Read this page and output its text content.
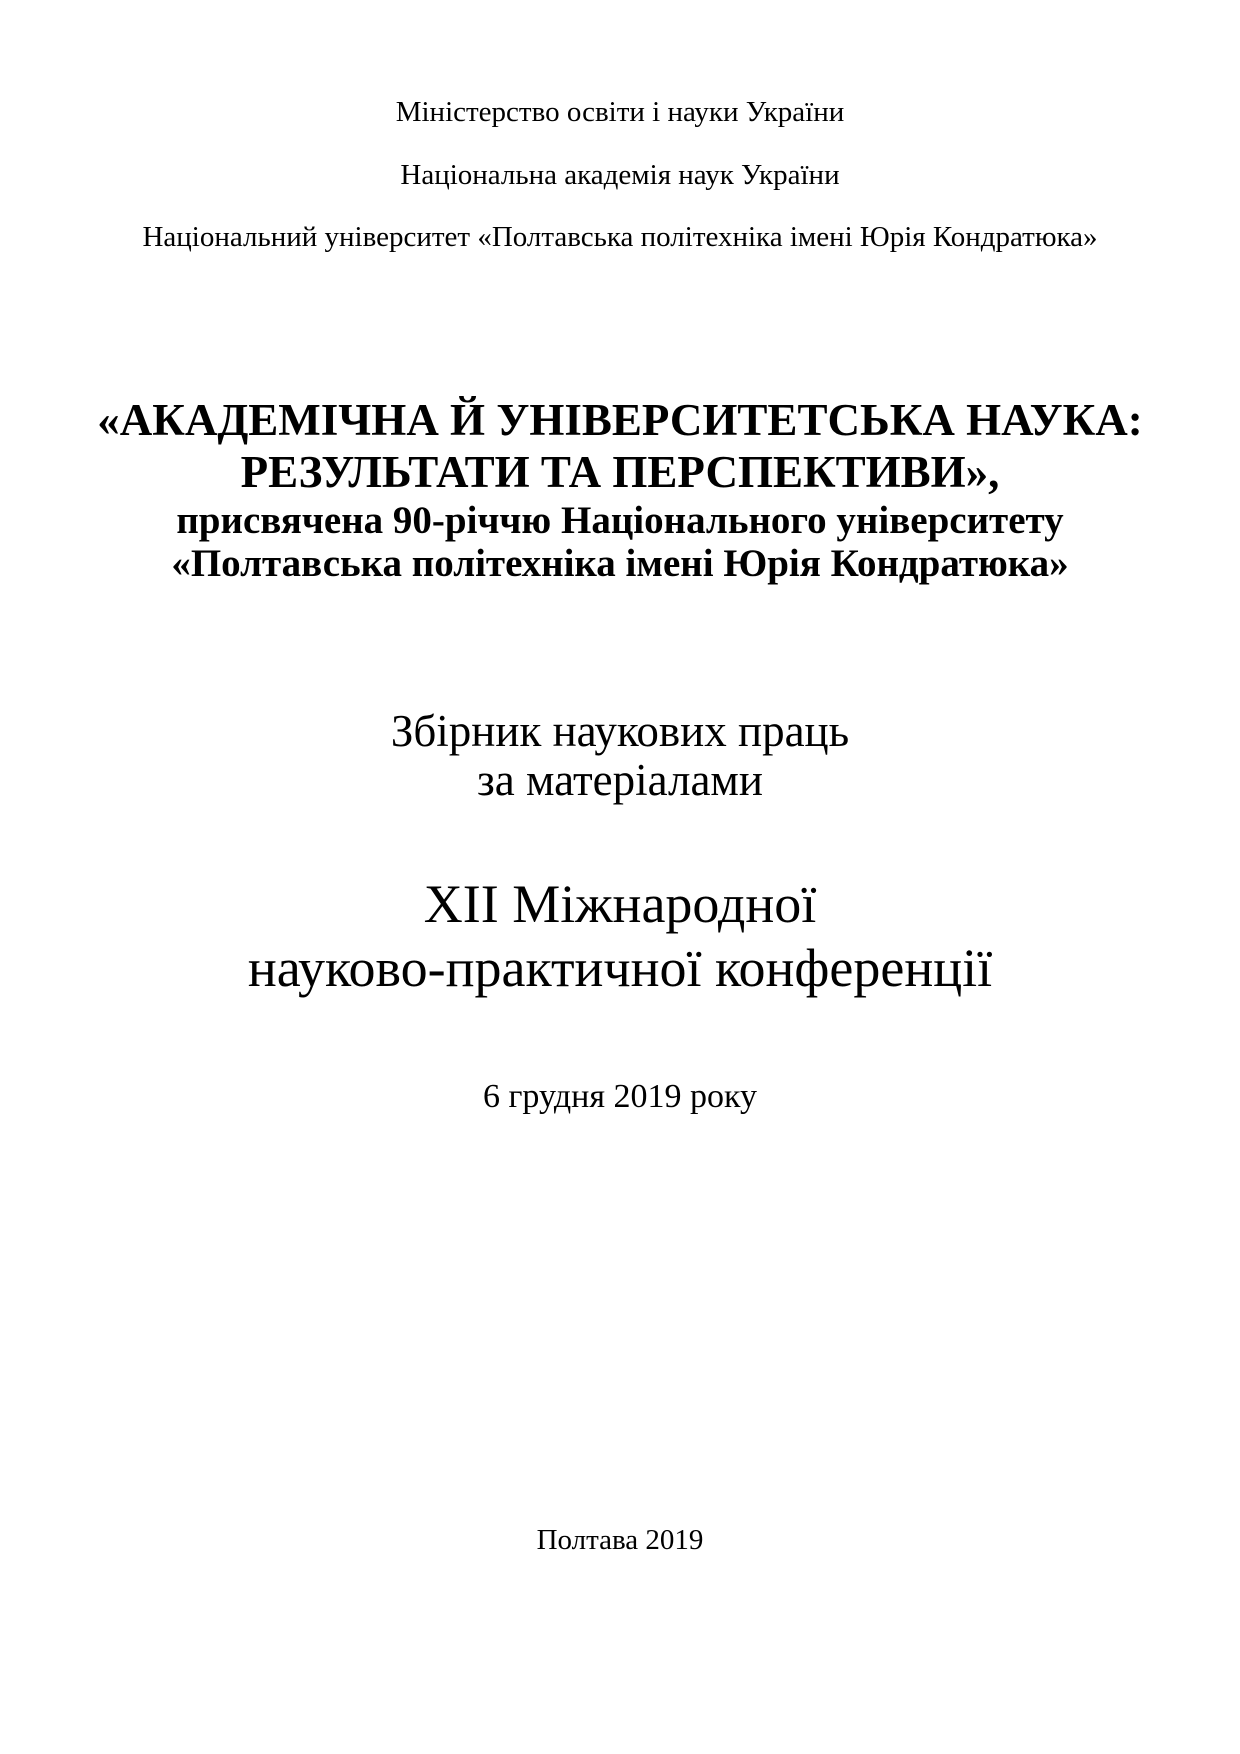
Міністерство освіти і науки України
Національна академія наук України
Національний університет «Полтавська політехніка імені Юрія Кондратюка»
«АКАДЕМІЧНА Й УНІВЕРСИТЕТСЬКА НАУКА:
РЕЗУЛЬТАТИ ТА ПЕРСПЕКТИВИ»,
присвячена 90-річчю Національного університету
«Полтавська політехніка імені Юрія Кондратюка»
Збірник наукових праць
за матеріалами
XII Міжнародної
науково-практичної конференції
6 грудня 2019 року
Полтава 2019
